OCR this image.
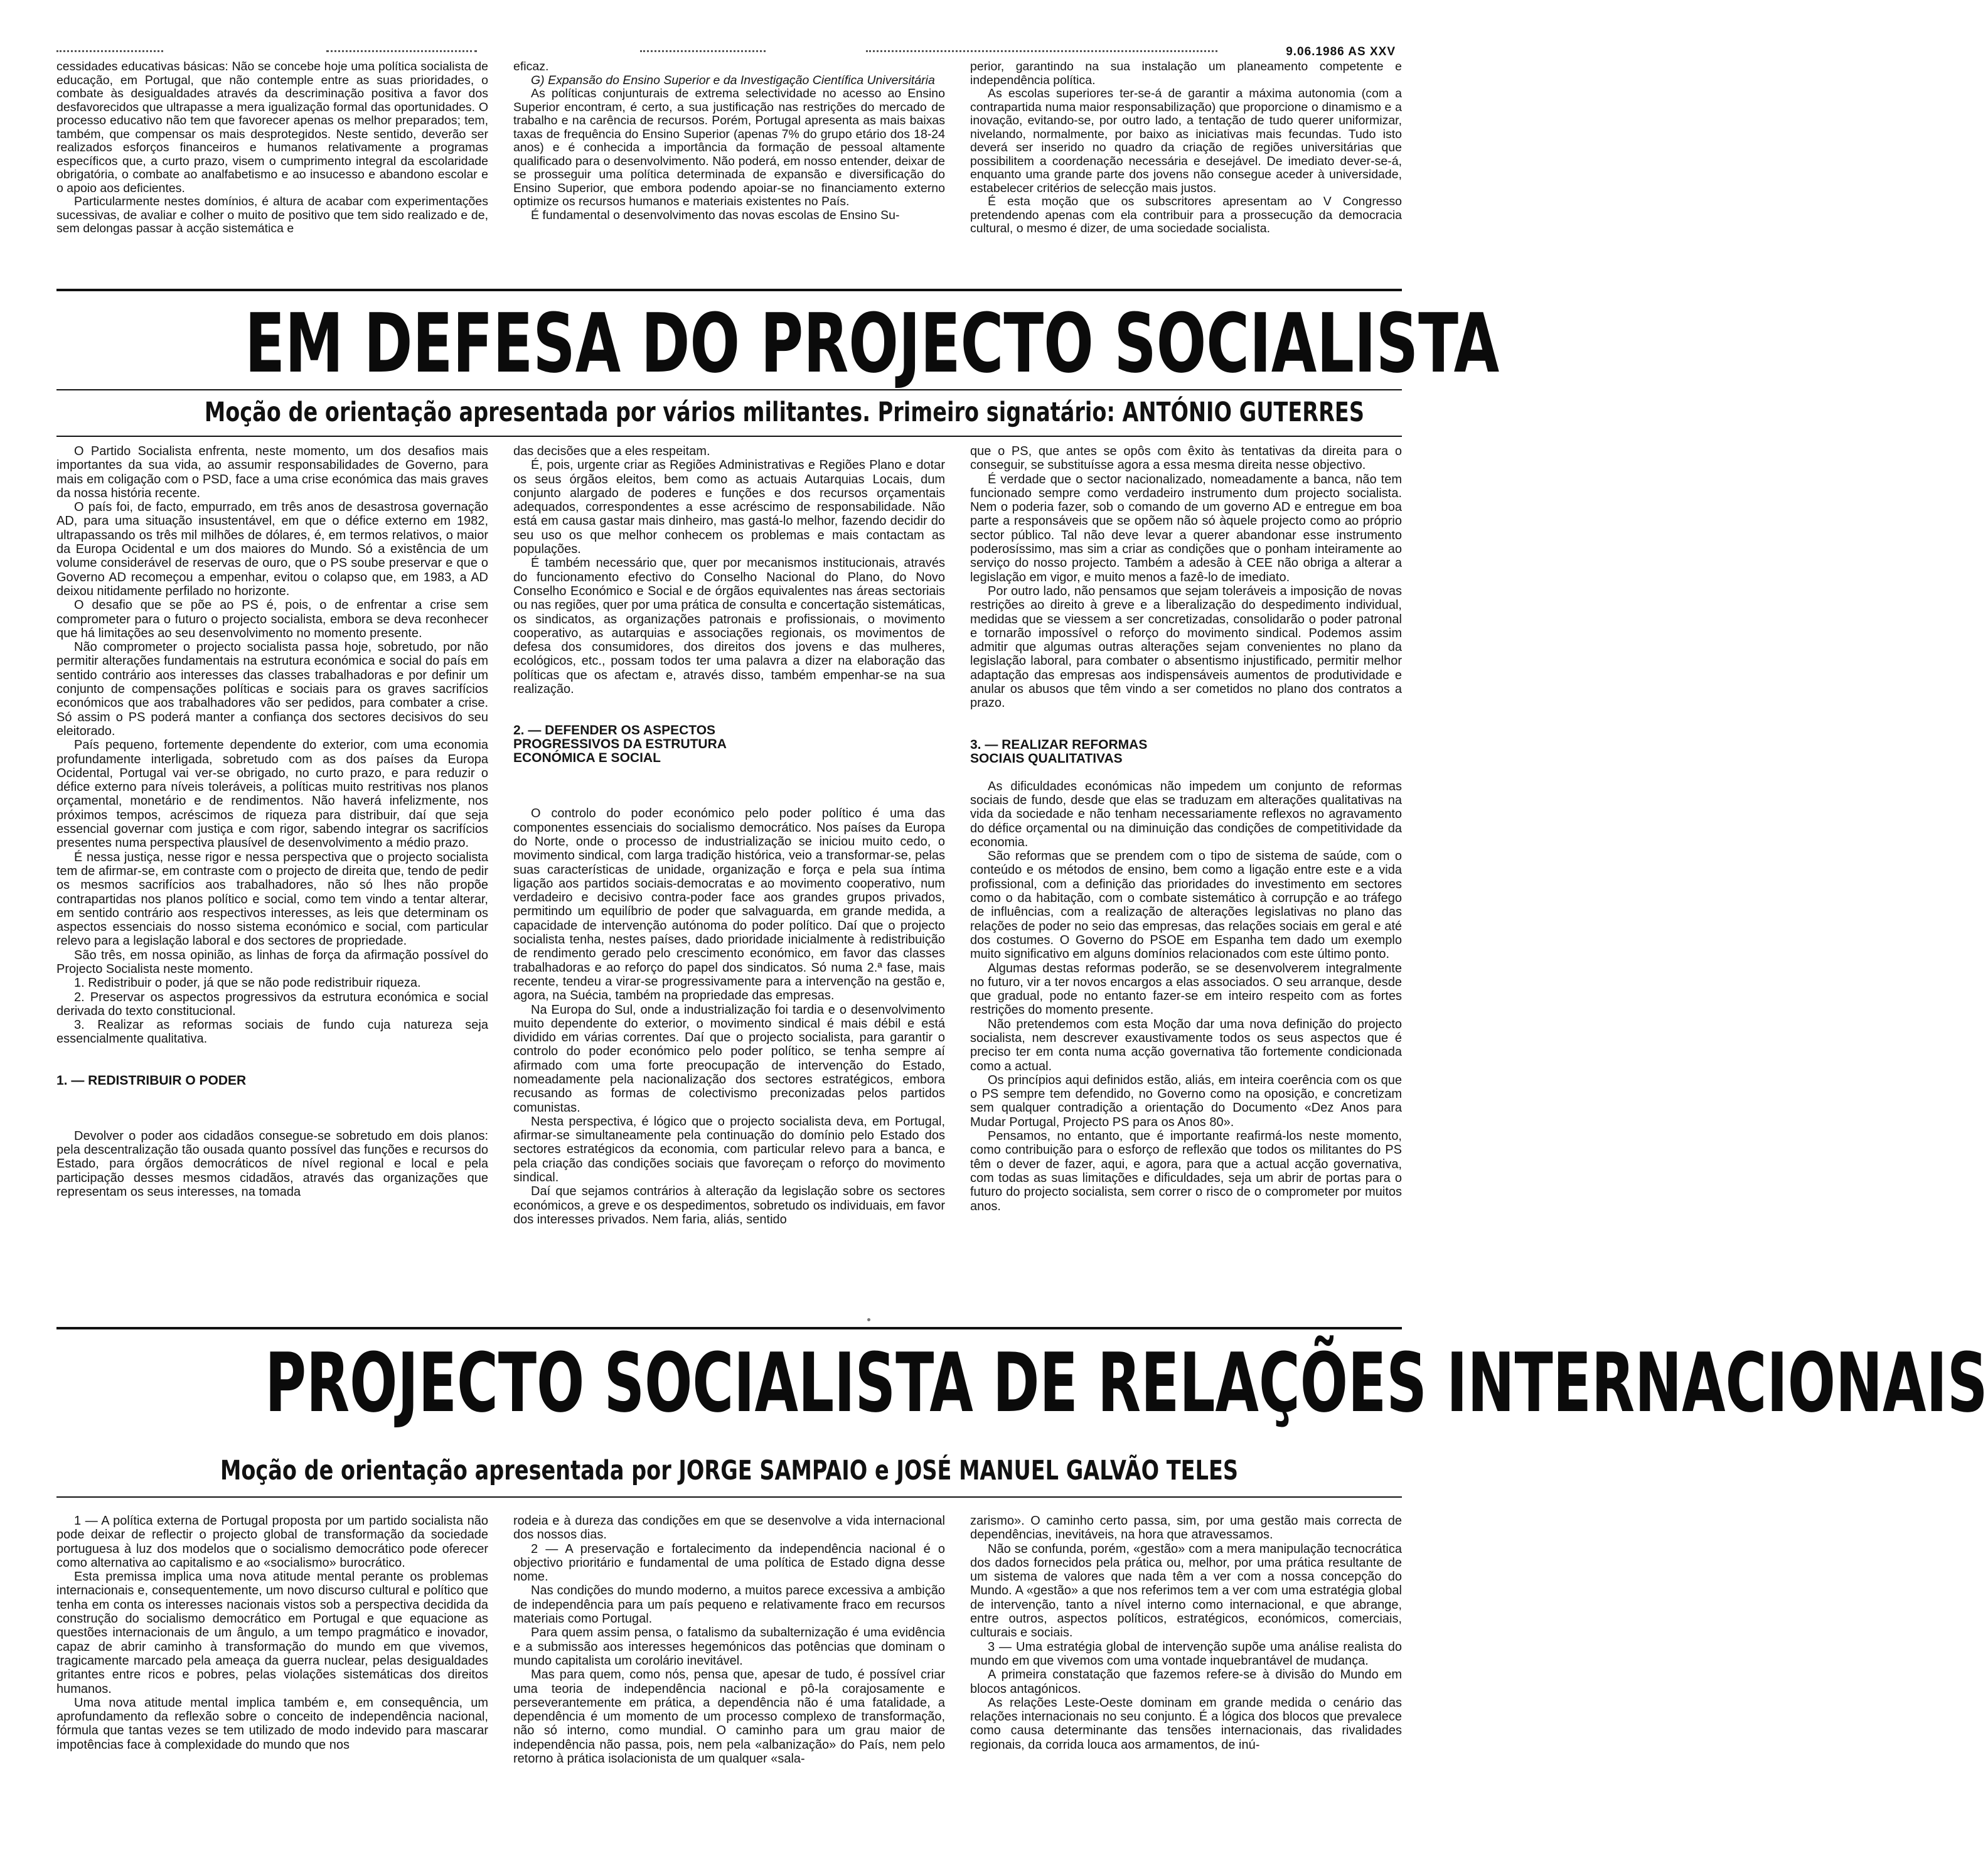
9.06.1986 AS XXV

cessidades educativas básicas: Não se concebe hoje uma política socialista de educação, em Portugal, que não contemple entre as suas prioridades, o combate às desigualdades através da descriminação positiva a favor dos desfavorecidos que ultrapasse a mera igualização formal das oportunidades. O processo educativo não tem que favorecer apenas os melhor preparados; tem, também, que compensar os mais desprotegidos. Neste sentido, deverão ser realizados esforços financeiros e humanos relativamente a programas específicos que, a curto prazo, visem o cumprimento integral da escolaridade obrigatória, o combate ao analfabetismo e ao insucesso e abandono escolar e o apoio aos deficientes.

Particularmente nestes domínios, é altura de acabar com experimentações sucessivas, de avaliar e colher o muito de positivo que tem sido realizado e de, sem delongas passar à acção sistemática e

eficaz.

G) Expansão do Ensino Superior e da Investigação Científica Universitária

As políticas conjunturais de extrema selectividade no acesso ao Ensino Superior encontram, é certo, a sua justificação nas restrições do mercado de trabalho e na carência de recursos. Porém, Portugal apresenta as mais baixas taxas de frequência do Ensino Superior (apenas 7% do grupo etário dos 18-24 anos) e é conhecida a importância da formação de pessoal altamente qualificado para o desenvolvimento. Não poderá, em nosso entender, deixar de se prosseguir uma política determinada de expansão e diversificação do Ensino Superior, que embora podendo apoiar-se no financiamento externo optimize os recursos humanos e materiais existentes no País.

É fundamental o desenvolvimento das novas escolas de Ensino Su-

perior, garantindo na sua instalação um planeamento competente e independência política.

As escolas superiores ter-se-á de garantir a máxima autonomia (com a contrapartida numa maior responsabilização) que proporcione o dinamismo e a inovação, evitando-se, por outro lado, a tentação de tudo querer uniformizar, nivelando, normalmente, por baixo as iniciativas mais fecundas. Tudo isto deverá ser inserido no quadro da criação de regiões universitárias que possibilitem a coordenação necessária e desejável. De imediato dever-se-á, enquanto uma grande parte dos jovens não consegue aceder à universidade, estabelecer critérios de selecção mais justos.

É esta moção que os subscritores apresentam ao V Congresso pretendendo apenas com ela contribuir para a prossecução da democracia cultural, o mesmo é dizer, de uma sociedade socialista.

EM DEFESA DO PROJECTO SOCIALISTA
Moção de orientação apresentada por vários militantes. Primeiro signatário: ANTÓNIO GUTERRES

O Partido Socialista enfrenta, neste momento, um dos desafios mais importantes da sua vida, ao assumir responsabilidades de Governo, para mais em coligação com o PSD, face a uma crise económica das mais graves da nossa história recente.

O país foi, de facto, empurrado, em três anos de desastrosa governação AD, para uma situação insustentável, em que o défice externo em 1982, ultrapassando os três mil milhões de dólares, é, em termos relativos, o maior da Europa Ocidental e um dos maiores do Mundo. Só a existência de um volume considerável de reservas de ouro, que o PS soube preservar e que o Governo AD recomeçou a empenhar, evitou o colapso que, em 1983, a AD deixou nitidamente perfilado no horizonte.

O desafio que se põe ao PS é, pois, o de enfrentar a crise sem comprometer para o futuro o projecto socialista, embora se deva reconhecer que há limitações ao seu desenvolvimento no momento presente.

Não comprometer o projecto socialista passa hoje, sobretudo, por não permitir alterações fundamentais na estrutura económica e social do país em sentido contrário aos interesses das classes trabalhadoras e por definir um conjunto de compensações políticas e sociais para os graves sacrifícios económicos que aos trabalhadores vão ser pedidos, para combater a crise. Só assim o PS poderá manter a confiança dos sectores decisivos do seu eleitorado.

País pequeno, fortemente dependente do exterior, com uma economia profundamente interligada, sobretudo com as dos países da Europa Ocidental, Portugal vai ver-se obrigado, no curto prazo, e para reduzir o défice externo para níveis toleráveis, a políticas muito restritivas nos planos orçamental, monetário e de rendimentos. Não haverá infelizmente, nos próximos tempos, acréscimos de riqueza para distribuir, daí que seja essencial governar com justiça e com rigor, sabendo integrar os sacrifícios presentes numa perspectiva plausível de desenvolvimento a médio prazo.

É nessa justiça, nesse rigor e nessa perspectiva que o projecto socialista tem de afirmar-se, em contraste com o projecto de direita que, tendo de pedir os mesmos sacrifícios aos trabalhadores, não só lhes não propõe contrapartidas nos planos político e social, como tem vindo a tentar alterar, em sentido contrário aos respectivos interesses, as leis que determinam os aspectos essenciais do nosso sistema económico e social, com particular relevo para a legislação laboral e dos sectores de propriedade.

São três, em nossa opinião, as linhas de força da afirmação possível do Projecto Socialista neste momento.

1. Redistribuir o poder, já que se não pode redistribuir riqueza.

2. Preservar os aspectos progressivos da estrutura económica e social derivada do texto constitucional.

3. Realizar as reformas sociais de fundo cuja natureza seja essencialmente qualitativa.

1. — REDISTRIBUIR O PODER

Devolver o poder aos cidadãos consegue-se sobretudo em dois planos: pela descentralização tão ousada quanto possível das funções e recursos do Estado, para órgãos democráticos de nível regional e local e pela participação desses mesmos cidadãos, através das organizações que representam os seus interesses, na tomada

das decisões que a eles respeitam.

É, pois, urgente criar as Regiões Administrativas e Regiões Plano e dotar os seus órgãos eleitos, bem como as actuais Autarquias Locais, dum conjunto alargado de poderes e funções e dos recursos orçamentais adequados, correspondentes a esse acréscimo de responsabilidade. Não está em causa gastar mais dinheiro, mas gastá-lo melhor, fazendo decidir do seu uso os que melhor conhecem os problemas e mais contactam as populações.

É também necessário que, quer por mecanismos institucionais, através do funcionamento efectivo do Conselho Nacional do Plano, do Novo Conselho Económico e Social e de órgãos equivalentes nas áreas sectoriais ou nas regiões, quer por uma prática de consulta e concertação sistemáticas, os sindicatos, as organizações patronais e profissionais, o movimento cooperativo, as autarquias e associações regionais, os movimentos de defesa dos consumidores, dos direitos dos jovens e das mulheres, ecológicos, etc., possam todos ter uma palavra a dizer na elaboração das políticas que os afectam e, através disso, também empenhar-se na sua realização.

2. — DEFENDER OS ASPECTOS PROGRESSIVOS DA ESTRUTURA ECONÓMICA E SOCIAL

O controlo do poder económico pelo poder político é uma das componentes essenciais do socialismo democrático. Nos países da Europa do Norte, onde o processo de industrialização se iniciou muito cedo, o movimento sindical, com larga tradição histórica, veio a transformar-se, pelas suas características de unidade, organização e força e pela sua íntima ligação aos partidos sociais-democratas e ao movimento cooperativo, num verdadeiro e decisivo contra-poder face aos grandes grupos privados, permitindo um equilíbrio de poder que salvaguarda, em grande medida, a capacidade de intervenção autónoma do poder político. Daí que o projecto socialista tenha, nestes países, dado prioridade inicialmente à redistribuição de rendimento gerado pelo crescimento económico, em favor das classes trabalhadoras e ao reforço do papel dos sindicatos. Só numa 2.ª fase, mais recente, tendeu a virar-se progressivamente para a intervenção na gestão e, agora, na Suécia, também na propriedade das empresas.

Na Europa do Sul, onde a industrialização foi tardia e o desenvolvimento muito dependente do exterior, o movimento sindical é mais débil e está dividido em várias correntes. Daí que o projecto socialista, para garantir o controlo do poder económico pelo poder político, se tenha sempre aí afirmado com uma forte preocupação de intervenção do Estado, nomeadamente pela nacionalização dos sectores estratégicos, embora recusando as formas de colectivismo preconizadas pelos partidos comunistas.

Nesta perspectiva, é lógico que o projecto socialista deva, em Portugal, afirmar-se simultaneamente pela continuação do domínio pelo Estado dos sectores estratégicos da economia, com particular relevo para a banca, e pela criação das condições sociais que favoreçam o reforço do movimento sindical.

Daí que sejamos contrários à alteração da legislação sobre os sectores económicos, a greve e os despedimentos, sobretudo os individuais, em favor dos interesses privados. Nem faria, aliás, sentido

que o PS, que antes se opôs com êxito às tentativas da direita para o conseguir, se substituísse agora a essa mesma direita nesse objectivo.

É verdade que o sector nacionalizado, nomeadamente a banca, não tem funcionado sempre como verdadeiro instrumento dum projecto socialista. Nem o poderia fazer, sob o comando de um governo AD e entregue em boa parte a responsáveis que se opõem não só àquele projecto como ao próprio sector público. Tal não deve levar a querer abandonar esse instrumento poderosíssimo, mas sim a criar as condições que o ponham inteiramente ao serviço do nosso projecto. Também a adesão à CEE não obriga a alterar a legislação em vigor, e muito menos a fazê-lo de imediato.

Por outro lado, não pensamos que sejam toleráveis a imposição de novas restrições ao direito à greve e a liberalização do despedimento individual, medidas que se viessem a ser concretizadas, consolidarão o poder patronal e tornarão impossível o reforço do movimento sindical. Podemos assim admitir que algumas outras alterações sejam convenientes no plano da legislação laboral, para combater o absentismo injustificado, permitir melhor adaptação das empresas aos indispensáveis aumentos de produtividade e anular os abusos que têm vindo a ser cometidos no plano dos contratos a prazo.

3. — REALIZAR REFORMAS SOCIAIS QUALITATIVAS

As dificuldades económicas não impedem um conjunto de reformas sociais de fundo, desde que elas se traduzam em alterações qualitativas na vida da sociedade e não tenham necessariamente reflexos no agravamento do défice orçamental ou na diminuição das condições de competitividade da economia.

São reformas que se prendem com o tipo de sistema de saúde, com o conteúdo e os métodos de ensino, bem como a ligação entre este e a vida profissional, com a definição das prioridades do investimento em sectores como o da habitação, com o combate sistemático à corrupção e ao tráfego de influências, com a realização de alterações legislativas no plano das relações de poder no seio das empresas, das relações sociais em geral e até dos costumes. O Governo do PSOE em Espanha tem dado um exemplo muito significativo em alguns domínios relacionados com este último ponto.

Algumas destas reformas poderão, se se desenvolverem integralmente no futuro, vir a ter novos encargos a elas associados. O seu arranque, desde que gradual, pode no entanto fazer-se em inteiro respeito com as fortes restrições do momento presente.

Não pretendemos com esta Moção dar uma nova definição do projecto socialista, nem descrever exaustivamente todos os seus aspectos que é preciso ter em conta numa acção governativa tão fortemente condicionada como a actual.

Os princípios aqui definidos estão, aliás, em inteira coerência com os que o PS sempre tem defendido, no Governo como na oposição, e concretizam sem qualquer contradição a orientação do Documento «Dez Anos para Mudar Portugal, Projecto PS para os Anos 80».

Pensamos, no entanto, que é importante reafirmá-los neste momento, como contribuição para o esforço de reflexão que todos os militantes do PS têm o dever de fazer, aqui, e agora, para que a actual acção governativa, com todas as suas limitações e dificuldades, seja um abrir de portas para o futuro do projecto socialista, sem correr o risco de o comprometer por muitos anos.

PROJECTO SOCIALISTA DE RELAÇÕES INTERNACIONAIS
Moção de orientação apresentada por JORGE SAMPAIO e JOSÉ MANUEL GALVÃO TELES

1 — A política externa de Portugal proposta por um partido socialista não pode deixar de reflectir o projecto global de transformação da sociedade portuguesa à luz dos modelos que o socialismo democrático pode oferecer como alternativa ao capitalismo e ao «socialismo» burocrático.

Esta premissa implica uma nova atitude mental perante os problemas internacionais e, consequentemente, um novo discurso cultural e político que tenha em conta os interesses nacionais vistos sob a perspectiva decidida da construção do socialismo democrático em Portugal e que equacione as questões internacionais de um ângulo, a um tempo pragmático e inovador, capaz de abrir caminho à transformação do mundo em que vivemos, tragicamente marcado pela ameaça da guerra nuclear, pelas desigualdades gritantes entre ricos e pobres, pelas violações sistemáticas dos direitos humanos.

Uma nova atitude mental implica também e, em consequência, um aprofundamento da reflexão sobre o conceito de independência nacional, fórmula que tantas vezes se tem utilizado de modo indevido para mascarar impotências face à complexidade do mundo que nos

rodeia e à dureza das condições em que se desenvolve a vida internacional dos nossos dias.

2 — A preservação e fortalecimento da independência nacional é o objectivo prioritário e fundamental de uma política de Estado digna desse nome.

Nas condições do mundo moderno, a muitos parece excessiva a ambição de independência para um país pequeno e relativamente fraco em recursos materiais como Portugal.

Para quem assim pensa, o fatalismo da subalternização é uma evidência e a submissão aos interesses hegemónicos das potências que dominam o mundo capitalista um corolário inevitável.

Mas para quem, como nós, pensa que, apesar de tudo, é possível criar uma teoria de independência nacional e pô-la corajosamente e perseverantemente em prática, a dependência não é uma fatalidade, a dependência é um momento de um processo complexo de transformação, não só interno, como mundial. O caminho para um grau maior de independência não passa, pois, nem pela «albanização» do País, nem pelo retorno à prática isolacionista de um qualquer «sala-

zarismo». O caminho certo passa, sim, por uma gestão mais correcta de dependências, inevitáveis, na hora que atravessamos.

Não se confunda, porém, «gestão» com a mera manipulação tecnocrática dos dados fornecidos pela prática ou, melhor, por uma prática resultante de um sistema de valores que nada têm a ver com a nossa concepção do Mundo. A «gestão» a que nos referimos tem a ver com uma estratégia global de intervenção, tanto a nível interno como internacional, e que abrange, entre outros, aspectos políticos, estratégicos, económicos, comerciais, culturais e sociais.

3 — Uma estratégia global de intervenção supõe uma análise realista do mundo em que vivemos com uma vontade inquebrantável de mudança.

A primeira constatação que fazemos refere-se à divisão do Mundo em blocos antagónicos.

As relações Leste-Oeste dominam em grande medida o cenário das relações internacionais no seu conjunto. É a lógica dos blocos que prevalece como causa determinante das tensões internacionais, das rivalidades regionais, da corrida louca aos armamentos, de inú-
